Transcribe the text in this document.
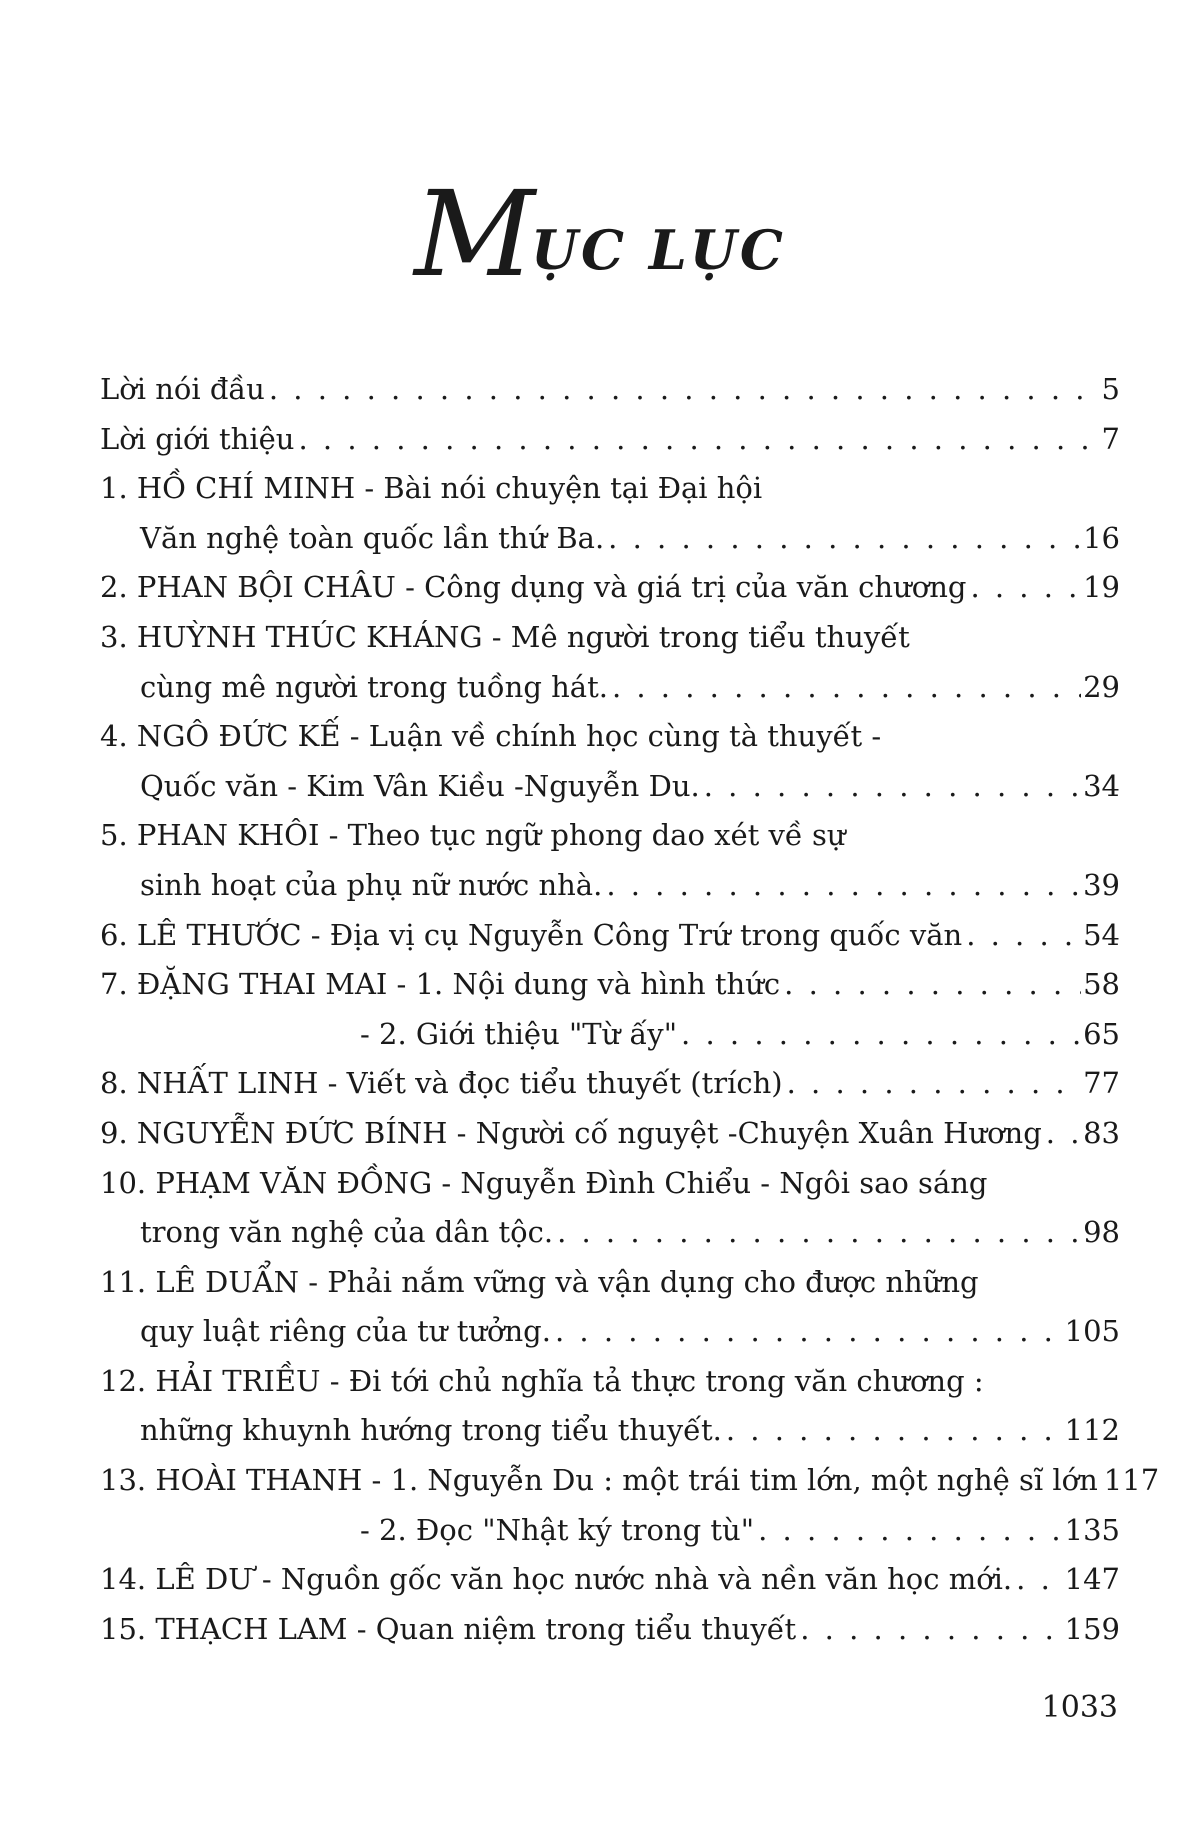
MỤC LỤC
Lời nói đầu . . .	5
Lời giới thiệu . . .	7
1. HỒ CHÍ MINH - Bài nói chuyện tại Đại hội
Văn nghệ toàn quốc lần thứ Ba. . . .	16
2. PHAN BỘI CHÂU - Công dụng và giá trị của văn chương . . .	19
3. HUỲNH THÚC KHÁNG - Mê người trong tiểu thuyết
cùng mê người trong tuồng hát. . . .	29
4. NGÔ ĐỨC KẾ - Luận về chính học cùng tà thuyết -
Quốc văn - Kim Vân Kiều -Nguyễn Du. . . .	34
5. PHAN KHÔI - Theo tục ngữ phong dao xét về sự
sinh hoạt của phụ nữ nước nhà. . . .	39
6. LÊ THƯỚC - Địa vị cụ Nguyễn Công Trứ trong quốc văn . . .	54
7. ĐẶNG THAI MAI - 1. Nội dung và hình thức . . .	58
- 2. Giới thiệu "Từ ấy" . . .	65
8. NHẤT LINH - Viết và đọc tiểu thuyết (trích) . . .	77
9. NGUYỄN ĐỨC BÍNH - Người cố nguyệt -Chuyện Xuân Hương . . . 83
10. PHẠM VĂN ĐỒNG - Nguyễn Đình Chiểu - Ngôi sao sáng
trong văn nghệ của dân tộc. . . .	98
11. LÊ DUẨN - Phải nắm vững và vận dụng cho được những
quy luật riêng của tư tưởng. . . .	105
12. HẢI TRIỀU - Đi tới chủ nghĩa tả thực trong văn chương :
những khuynh hướng trong tiểu thuyết. . . .	112
13. HOÀI THANH - 1. Nguyễn Du : một trái tim lớn, một nghệ sĩ lớn 117
- 2. Đọc "Nhật ký trong tù" . . .	135
14. LÊ DƯ - Nguồn gốc văn học nước nhà và nền văn học mới. . . . 147
15. THẠCH LAM - Quan niệm trong tiểu thuyết . . .	159
1033
